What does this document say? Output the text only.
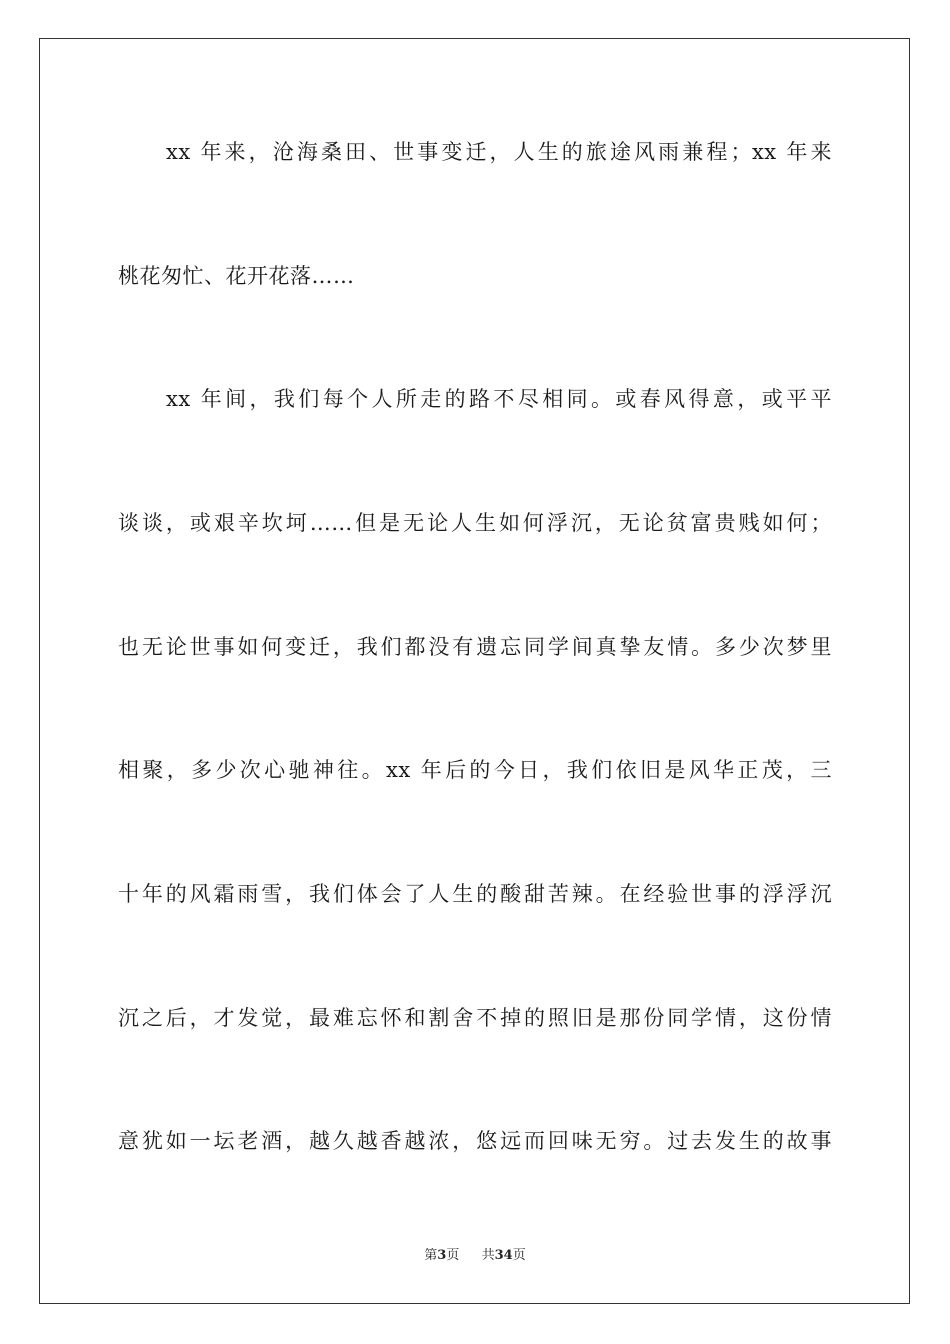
xx 年来，沧海桑田、世事变迁，人生的旅途风雨兼程；xx 年来
桃花匆忙、花开花落……
xx 年间，我们每个人所走的路不尽相同。或春风得意，或平平
谈谈，或艰辛坎坷……但是无论人生如何浮沉，无论贫富贵贱如何；
也无论世事如何变迁，我们都没有遗忘同学间真挚友情。多少次梦里
相聚，多少次心驰神往。xx 年后的今日，我们依旧是风华正茂，三
十年的风霜雨雪，我们体会了人生的酸甜苦辣。在经验世事的浮浮沉
沉之后，才发觉，最难忘怀和割舍不掉的照旧是那份同学情，这份情
意犹如一坛老酒，越久越香越浓，悠远而回味无穷。过去发生的故事
第3页 共34页
